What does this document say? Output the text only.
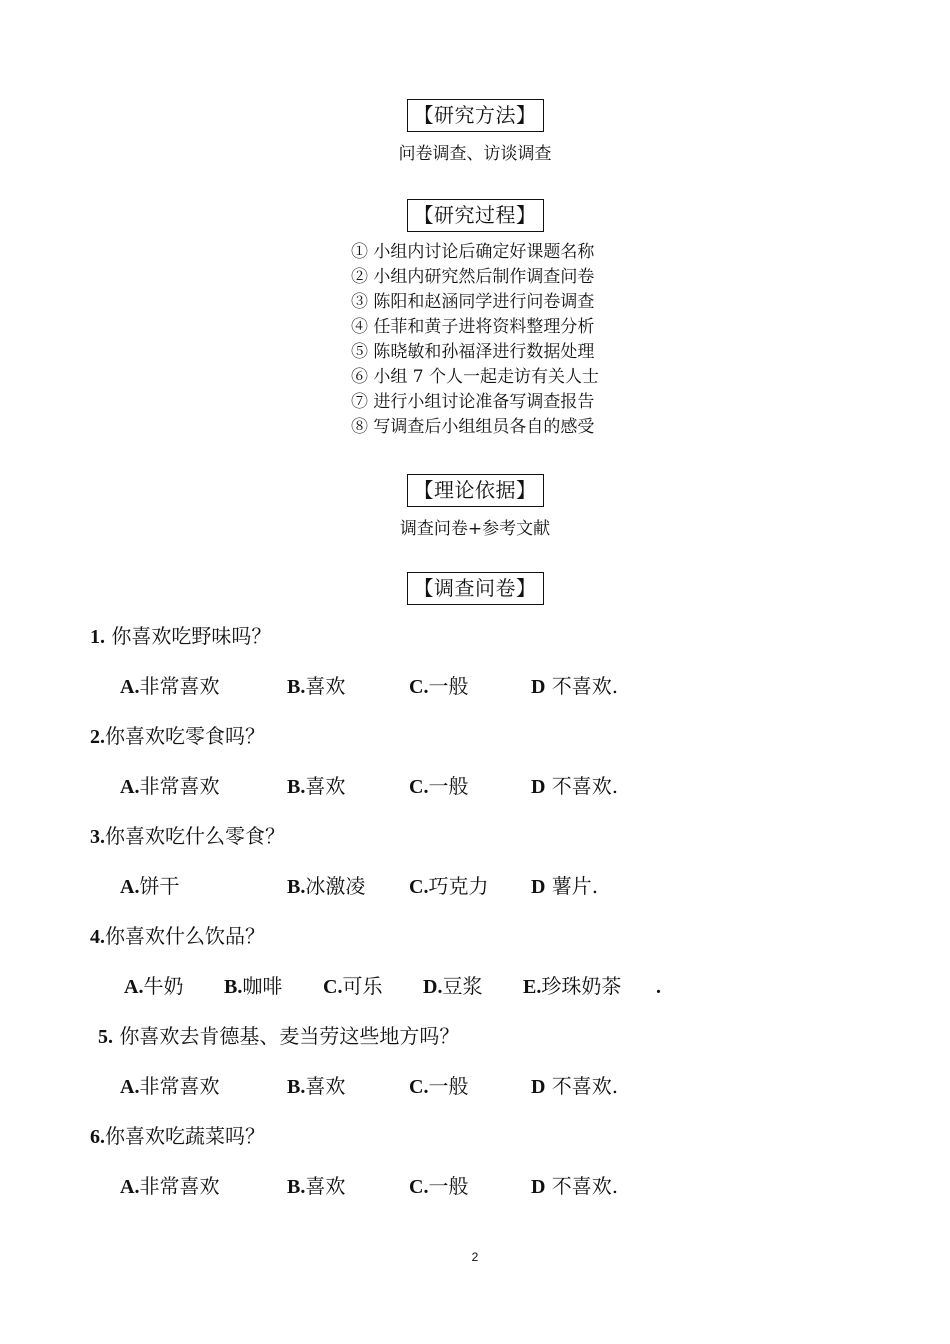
【研究方法】
问卷调查、访谈调查
【研究过程】

① 小组内讨论后确定好课题名称
② 小组内研究然后制作调查问卷
③ 陈阳和赵涵同学进行问卷调查
④ 任菲和黄子进将资料整理分析
⑤ 陈晓敏和孙福泽进行数据处理
⑥ 小组 7 个人一起走访有关人士
⑦ 进行小组讨论准备写调查报告
⑧ 写调查后小组组员各自的感受
【理论依据】
调查问卷+参考文献
【调查问卷】
1. 你喜欢吃野味吗？
A.非常喜欢	B.喜欢	C.一般	D 不喜欢.
2.你喜欢吃零食吗？
A.非常喜欢	B.喜欢	C.一般	D 不喜欢.
3.你喜欢吃什么零食？
A.饼干	B.冰激凌 C.巧克力 D 薯片.
4.你喜欢什么饮品？
A.牛奶 B.咖啡 C.可乐 D.豆浆 E.珍珠奶茶 .
5. 你喜欢去肯德基、麦当劳这些地方吗？
A.非常喜欢	B.喜欢	C.一般	D 不喜欢.
6.你喜欢吃蔬菜吗？
A.非常喜欢	B.喜欢	C.一般	D 不喜欢.
2
